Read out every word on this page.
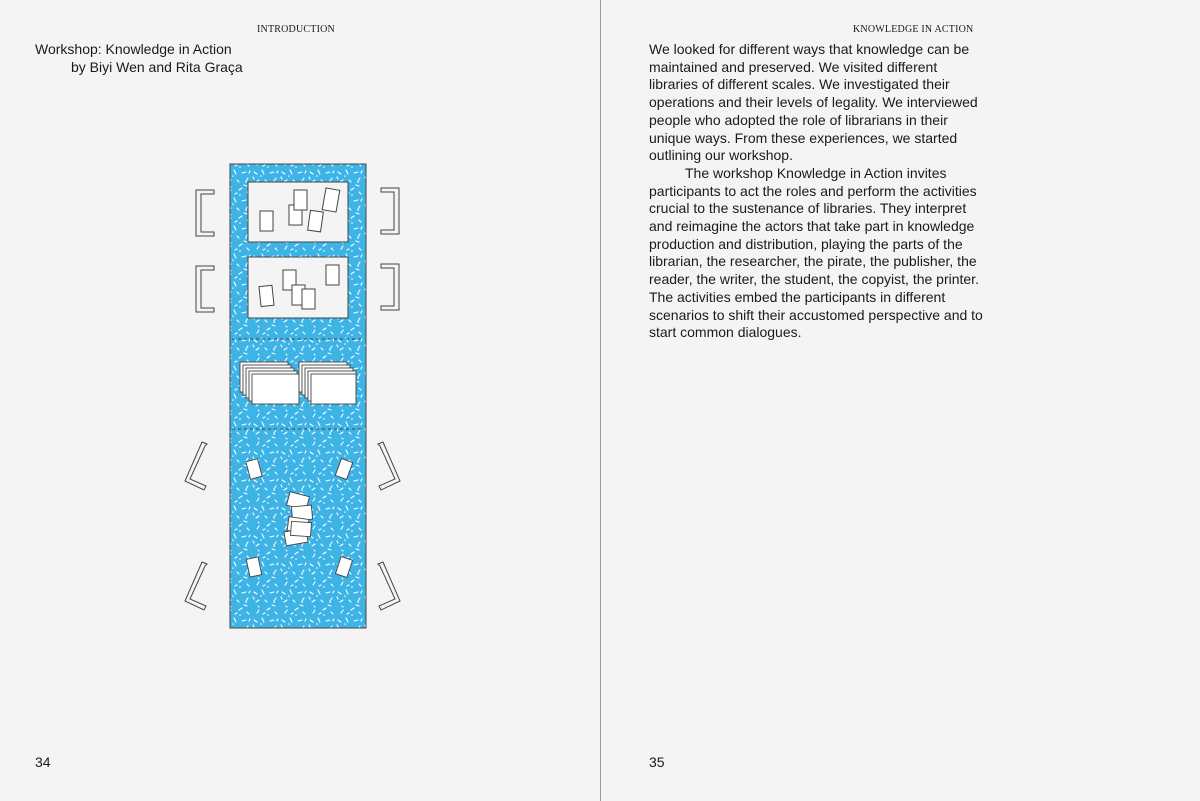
INTRODUCTION
Workshop: Knowledge in Action
by Biyi Wen and Rita Graça
34
KNOWLEDGE IN ACTION

We looked for different ways that knowledge can be maintained and preserved. We visited different libraries of different scales. We investigated their operations and their levels of legality. We interviewed people who adopted the role of librarians in their unique ways. From these experiences, we started outlining our workshop.

The workshop Knowledge in Action invites participants to act the roles and perform the activities crucial to the sustenance of libraries. They interpret and reimagine the actors that take part in knowledge production and distribution, playing the parts of the librarian, the researcher, the pirate, the publisher, the reader, the writer, the student, the copyist, the printer. The activities embed the participants in different scenarios to shift their accustomed perspective and to start common dialogues.

35
